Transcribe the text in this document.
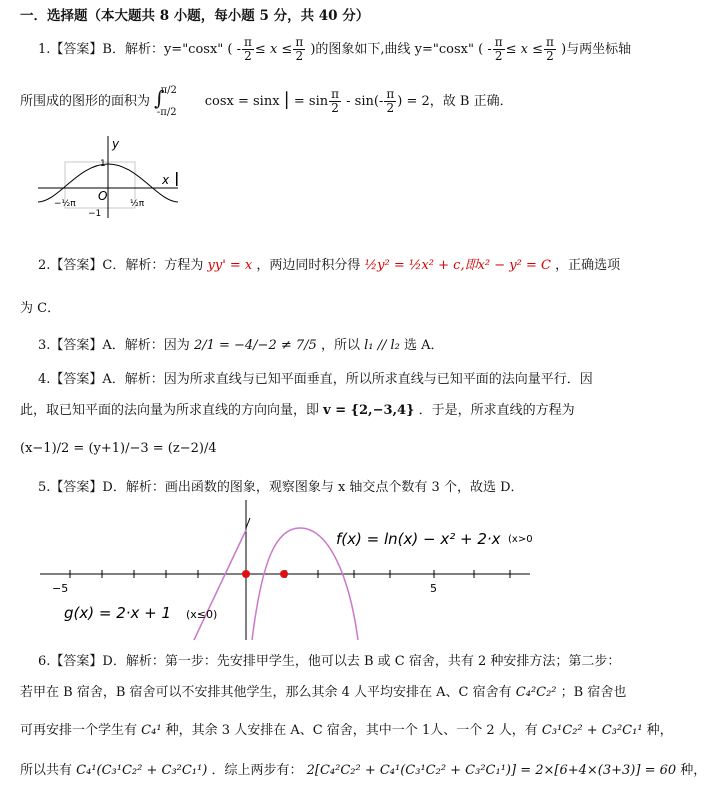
一．选择题（本大题共 8 小题，每小题 5 分，共 40 分）
1.【答案】B．解析：y="cosx" ( - $\frac{\pi}{2} \le x \le \frac{\pi}{2}$ )的图象如下,曲线 y="cosx" ( - $\frac{\pi}{2} \le x \le \frac{\pi}{2}$ )与两坐标轴
所围成的图形的面积为 ∫$^{\pi/2}_{-\pi/2}$ cosx = sinx | = $\sin \frac{\pi}{2} - \sin(- \frac{\pi}{2}$ ) = 2，故 B 正确．
y
x
O
1
−1
−½π	½π
2.【答案】C．解析：方程为 yy' = x ，两边同时积分得 ½y² = ½x² + c,即x² − y² = C ，正确选项
为 C．
3.【答案】A．解析：因为 2/1 = −4/−2 ≠ 7/5 ，所以 l₁ // l₂ 选 A．
4.【答案】A．解析：因为所求直线与已知平面垂直，所以所求直线与已知平面的法向量平行．因
此，取已知平面的法向量为所求直线的方向向量，即 v = {2,−3,4} ．于是，所求直线的方程为
(x−1)/2 = (y+1)/−3 = (z−2)/4
5.【答案】D．解析：画出函数的图象，观察图象与 x 轴交点个数有 3 个，故选 D．
−5	5
f(x) = ln(x) − x² + 2·x (x>0
g(x) = 2·x + 1 (x≤0)
6.【答案】D．解析：第一步：先安排甲学生，他可以去 B 或 C 宿舍，共有 2 种安排方法；第二步：
若甲在 B 宿舍，B 宿舍可以不安排其他学生，那么其余 4 人平均安排在 A、C 宿舍有 C₄²C₂² ；B 宿舍也
可再安排一个学生有 C₄¹ 种，其余 3 人安排在 A、C 宿舍，其中一个 1人、一个 2 人，有 C₃¹C₂² + C₃²C₁¹ 种，
所以共有 C₄¹(C₃¹C₂² + C₃²C₁¹) ．综上两步有： 2[C₄²C₂² + C₄¹(C₃¹C₂² + C₃²C₁¹)] = 2×[6+4×(3+3)] = 60 种，
